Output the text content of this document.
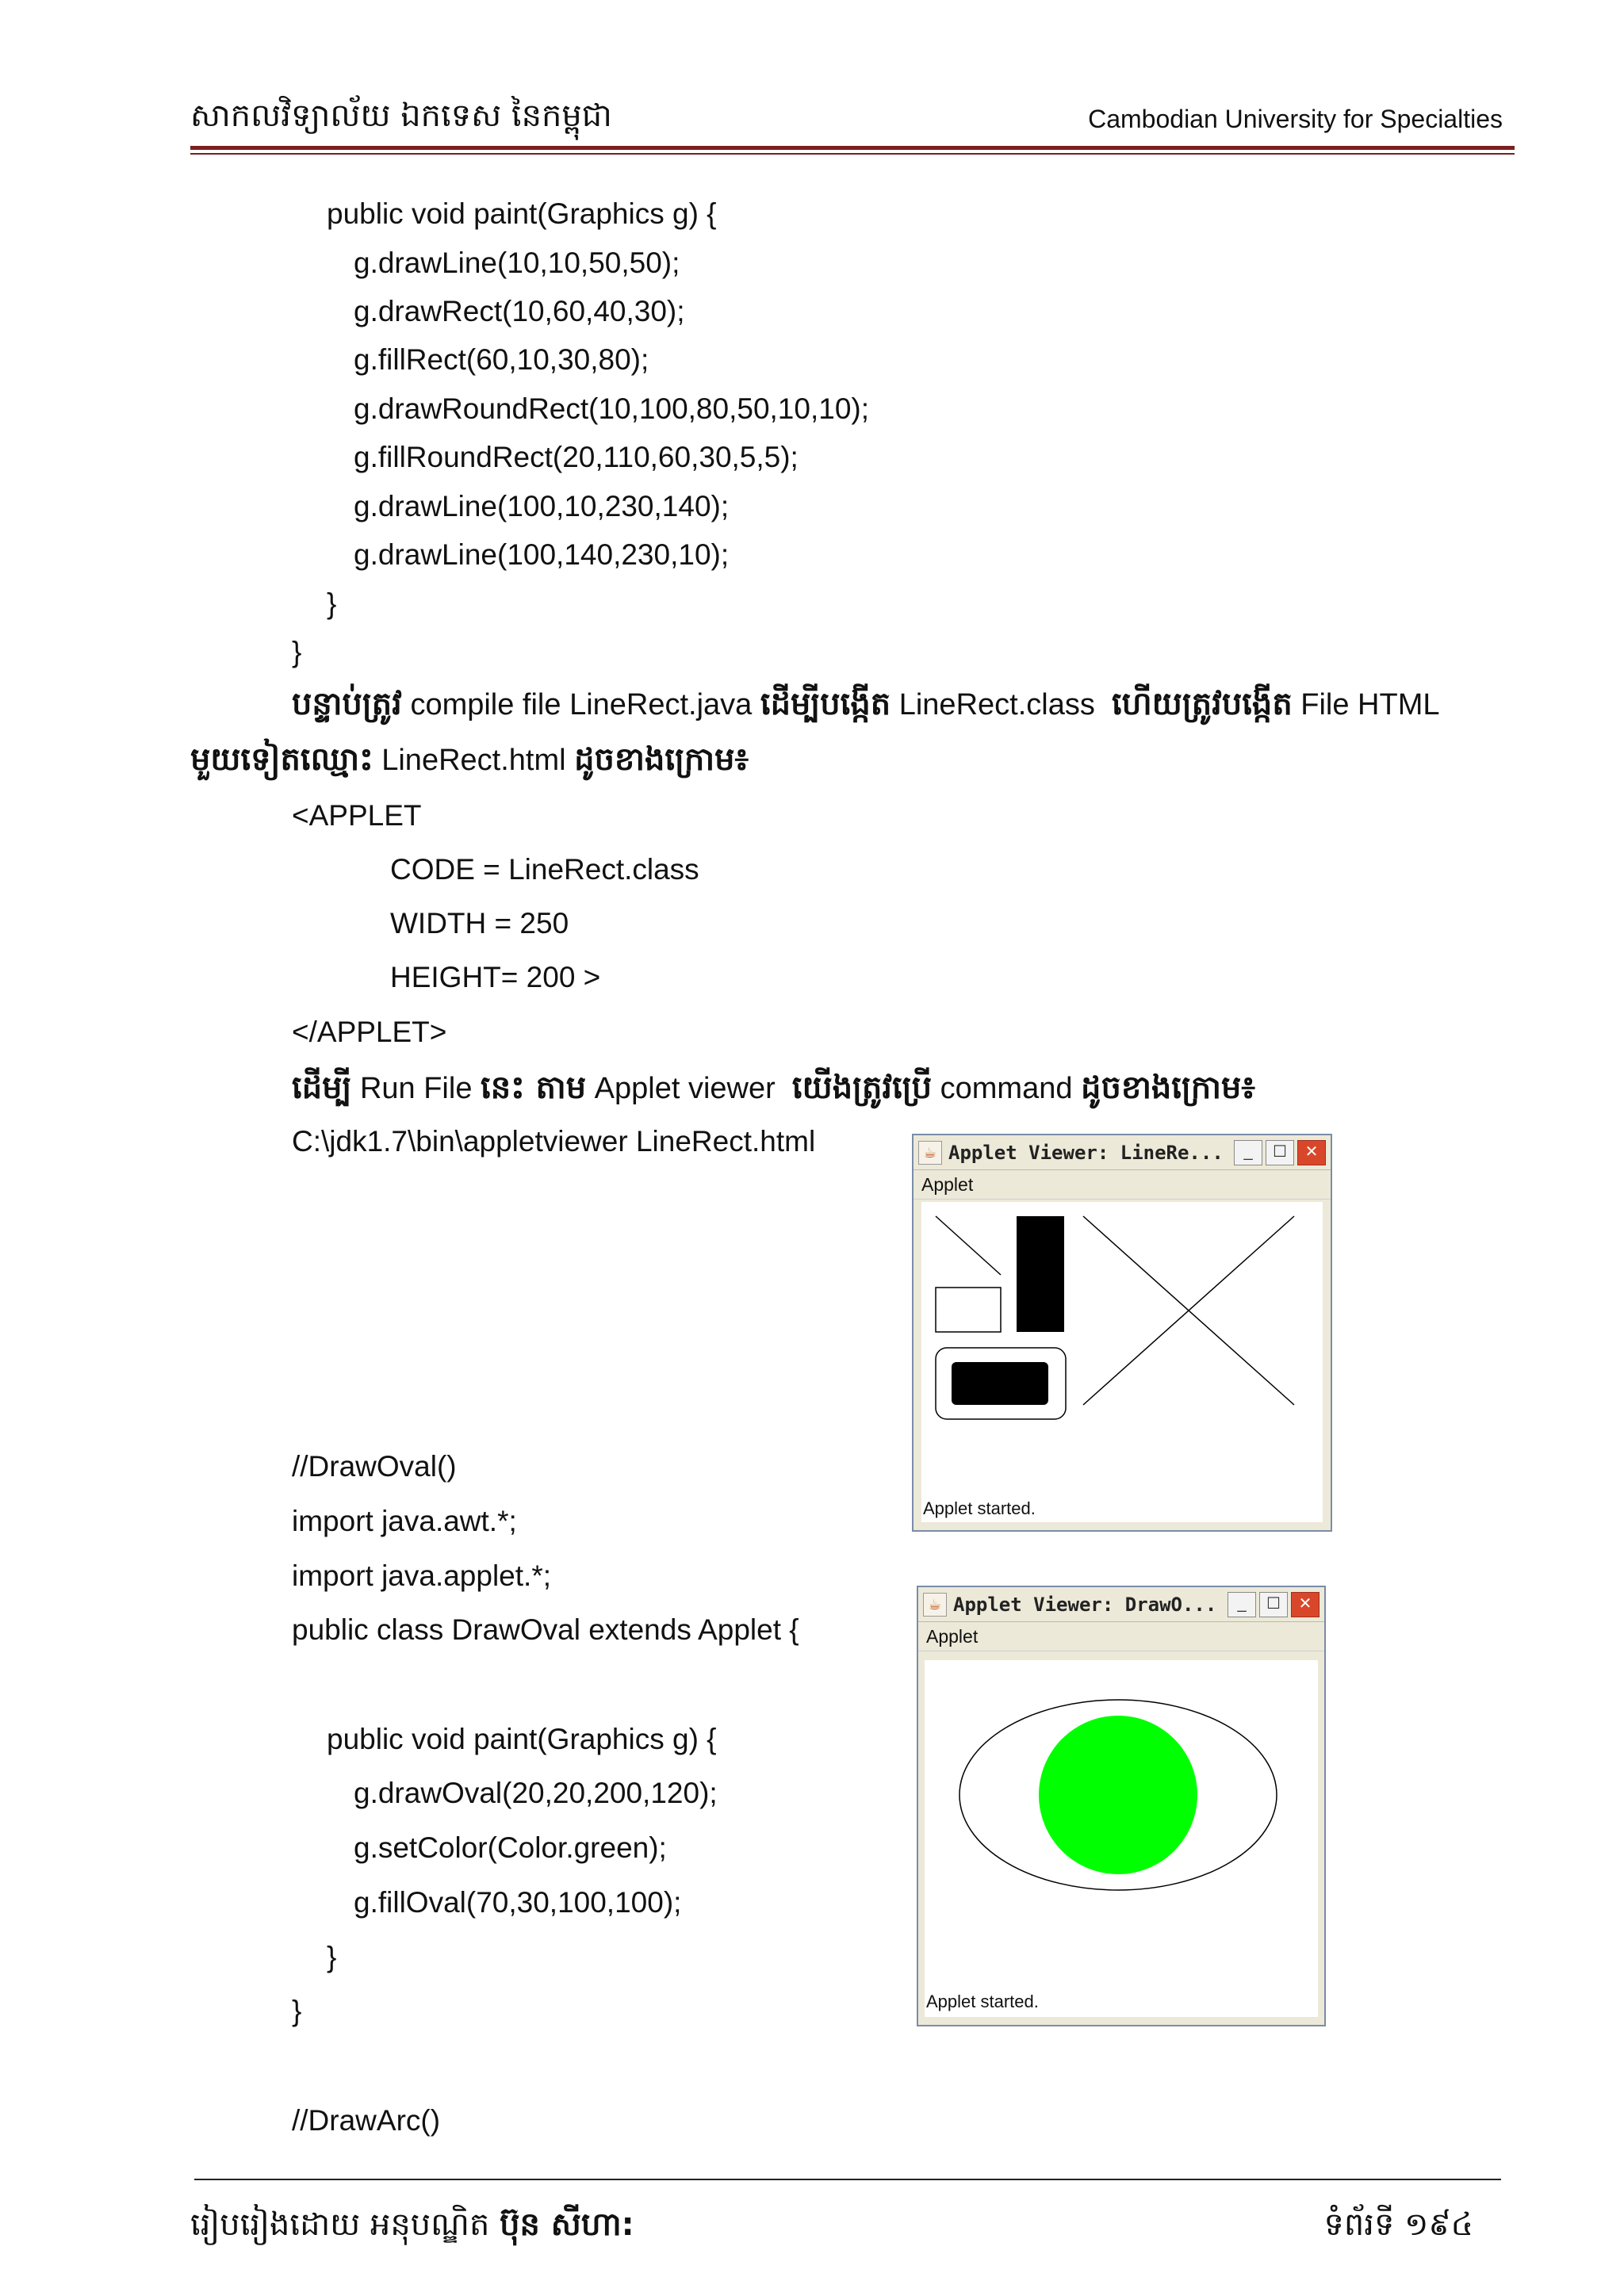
សាកលវិទ្យាល័យ ឯកទេស នៃកម្ពុជា	Cambodian University for Specialties
public void paint(Graphics g) {
g.drawLine(10,10,50,50);
g.drawRect(10,60,40,30);
g.fillRect(60,10,30,80);
g.drawRoundRect(10,100,80,50,10,10);
g.fillRoundRect(20,110,60,30,5,5);
g.drawLine(100,10,230,140);
g.drawLine(100,140,230,10);
}
}
បន្ទាប់ត្រូវ compile file LineRect.java ដើម្បីបង្កើត LineRect.class ហើយត្រូវបង្កើត File HTML
មួយទៀតឈ្មោះ LineRect.html ដូចខាងក្រោម៖
<APPLET
CODE = LineRect.class
WIDTH = 250
HEIGHT= 200 >
</APPLET>
ដើម្បី Run File នេះ តាម Applet viewer យើងត្រូវប្រើ command ដូចខាងក្រោម៖
C:\jdk1.7\bin\appletviewer LineRect.html	☕ Applet Viewer: LineRe...	_	☐	✕
Applet
Applet started.
//DrawOval()
import java.awt.*;
import java.applet.*;
public class DrawOval extends Applet {
public void paint(Graphics g) {
g.drawOval(20,20,200,120);
g.setColor(Color.green);
g.fillOval(70,30,100,100);
}
}
//DrawArc()
☕ Applet Viewer: DrawO...	_	☐	✕
Applet
Applet started.
រៀបរៀងដោយ អនុបណ្ឌិត ប៊ុន សីហា:	ទំព័រទី ១៩៤
